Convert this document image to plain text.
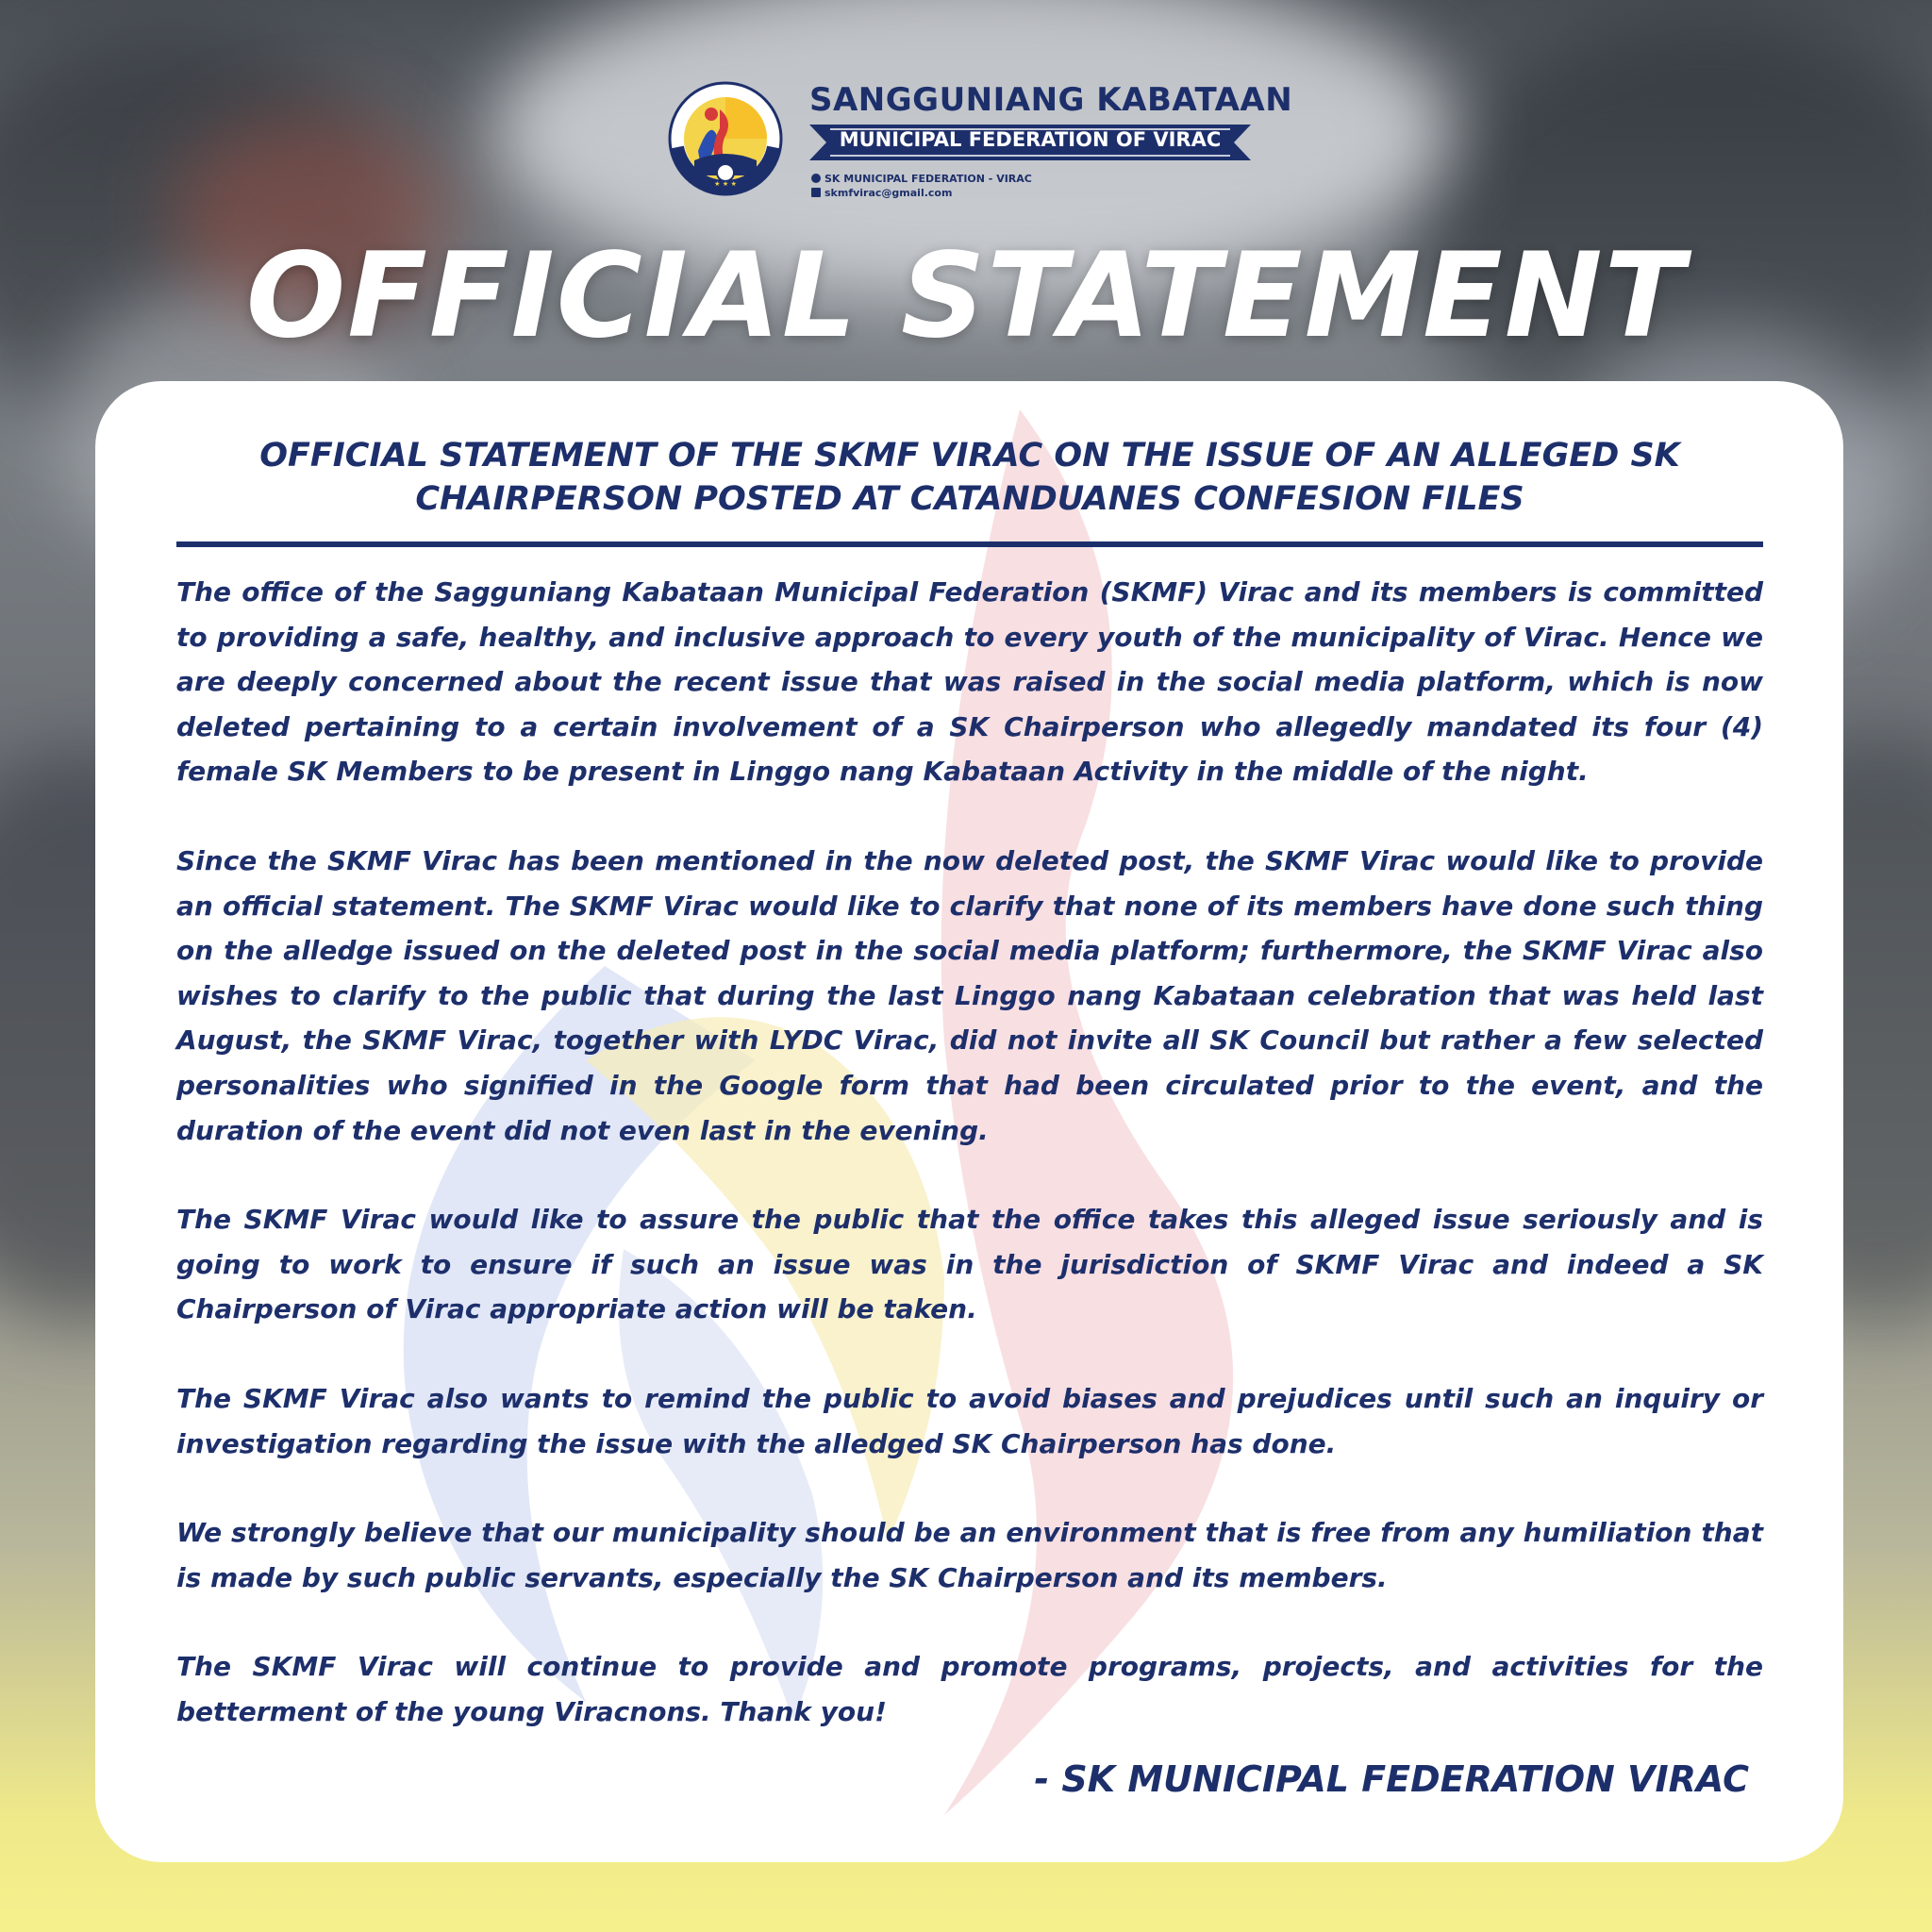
★ ★ ★
SANGGUNIANG KABATAAN
MUNICIPAL FEDERATION OF VIRAC
SK MUNICIPAL FEDERATION - VIRAC
skmfvirac@gmail.com
OFFICIAL STATEMENT
OFFICIAL STATEMENT OF THE SKMF VIRAC ON THE ISSUE OF AN ALLEGED SK CHAIRPERSON POSTED AT CATANDUANES CONFESION FILES

The office of the Sagguniang Kabataan Municipal Federation (SKMF) Virac and its members is committed to providing a safe, healthy, and inclusive approach to every youth of the municipality of Virac. Hence we are deeply concerned about the recent issue that was raised in the social media platform, which is now deleted pertaining to a certain involvement of a SK Chairperson who allegedly mandated its four (4) female SK Members to be present in Linggo nang Kabataan Activity in the middle of the night.

Since the SKMF Virac has been mentioned in the now deleted post, the SKMF Virac would like to provide an official statement. The SKMF Virac would like to clarify that none of its members have done such thing on the alledge issued on the deleted post in the social media platform; furthermore, the SKMF Virac also wishes to clarify to the public that during the last Linggo nang Kabataan celebration that was held last August, the SKMF Virac, together with LYDC Virac, did not invite all SK Council but rather a few selected personalities who signified in the Google form that had been circulated prior to the event, and the duration of the event did not even last in the evening.

The SKMF Virac would like to assure the public that the office takes this alleged issue seriously and is going to work to ensure if such an issue was in the jurisdiction of SKMF Virac and indeed a SK Chairperson of Virac appropriate action will be taken.

The SKMF Virac also wants to remind the public to avoid biases and prejudices until such an inquiry or investigation regarding the issue with the alledged SK Chairperson has done.

We strongly believe that our municipality should be an environment that is free from any humiliation that is made by such public servants, especially the SK Chairperson and its members.

The SKMF Virac will continue to provide and promote programs, projects, and activities for the betterment of the young Viracnons. Thank you!

- SK MUNICIPAL FEDERATION VIRAC
